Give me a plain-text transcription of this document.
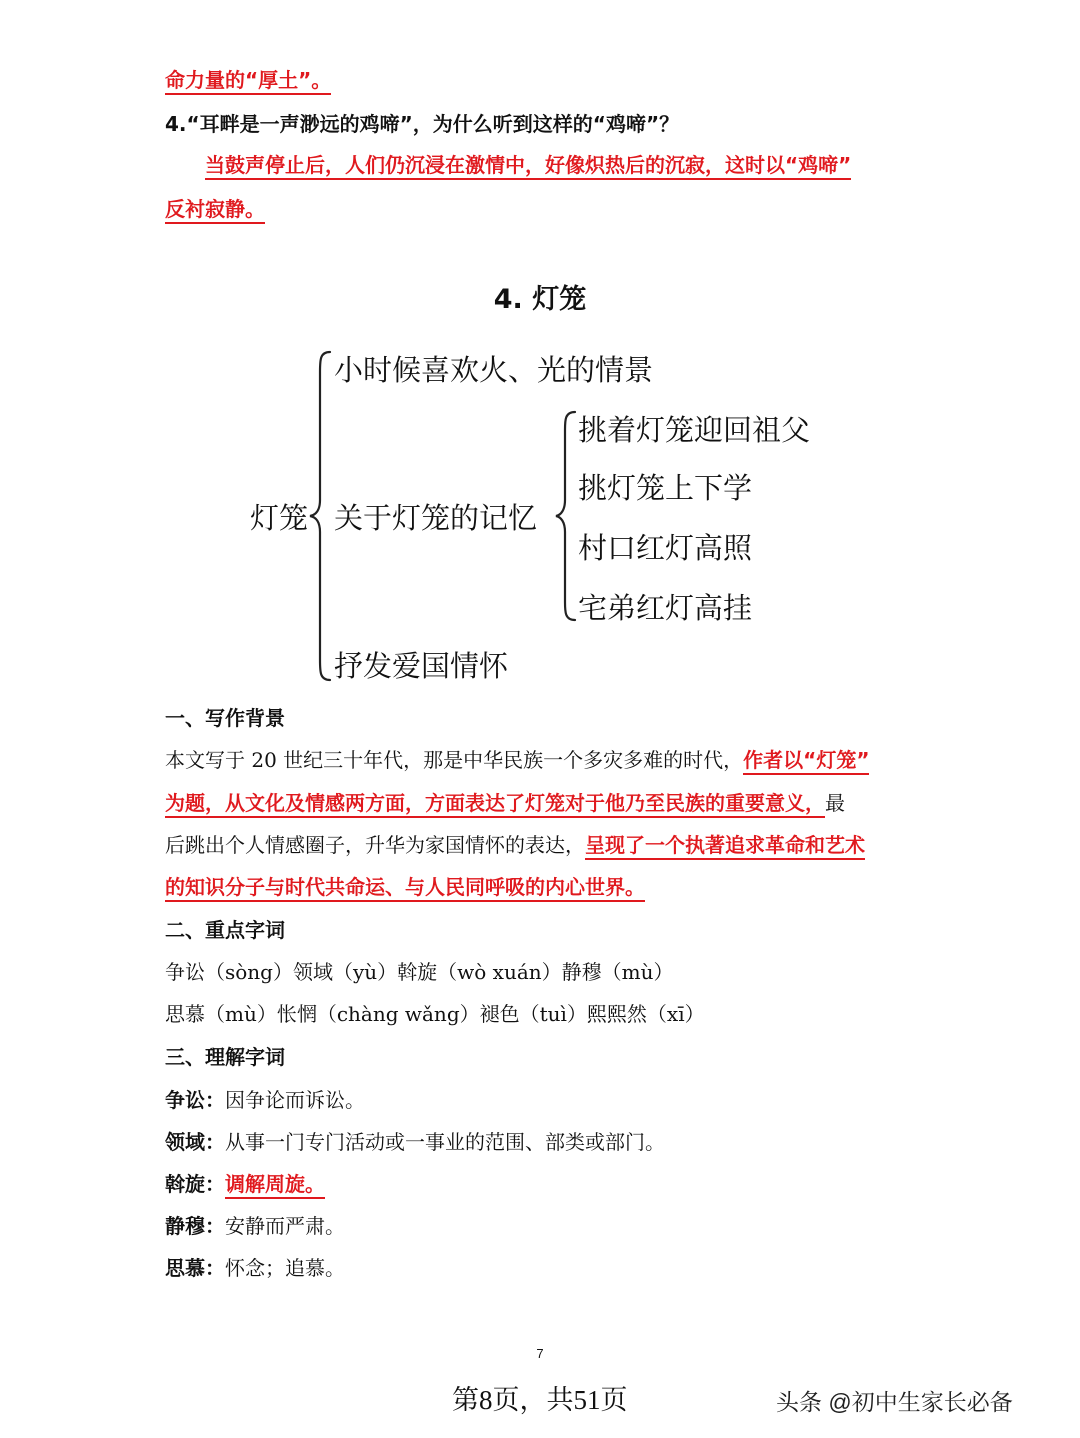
命力量的“厚土”。
4.“耳畔是一声渺远的鸡啼”，为什么听到这样的“鸡啼”？
当鼓声停止后，人们仍沉浸在激情中，好像炽热后的沉寂，这时以“鸡啼”
反衬寂静。
4. 灯笼
灯笼
小时候喜欢火、光的情景
关于灯笼的记忆
抒发爱国情怀
挑着灯笼迎回祖父
挑灯笼上下学
村口红灯高照
宅弟红灯高挂
一、写作背景
本文写于 20 世纪三十年代，那是中华民族一个多灾多难的时代，作者以“灯笼”
为题，从文化及情感两方面，方面表达了灯笼对于他乃至民族的重要意义，最
后跳出个人情感圈子，升华为家国情怀的表达，呈现了一个执著追求革命和艺术
的知识分子与时代共命运、与人民同呼吸的内心世界。
二、重点字词
争讼（sòng）领域（yù）斡旋（wò xuán）静穆（mù）
思慕（mù）怅惘（chàng wǎng）褪色（tuì）熙熙然（xī）
三、理解字词
争讼：因争论而诉讼。
领域：从事一门专门活动或一事业的范围、部类或部门。
斡旋：调解周旋。
静穆：安静而严肃。
思慕：怀念；追慕。
7
第8页，共51页	头条 @初中生家长必备
